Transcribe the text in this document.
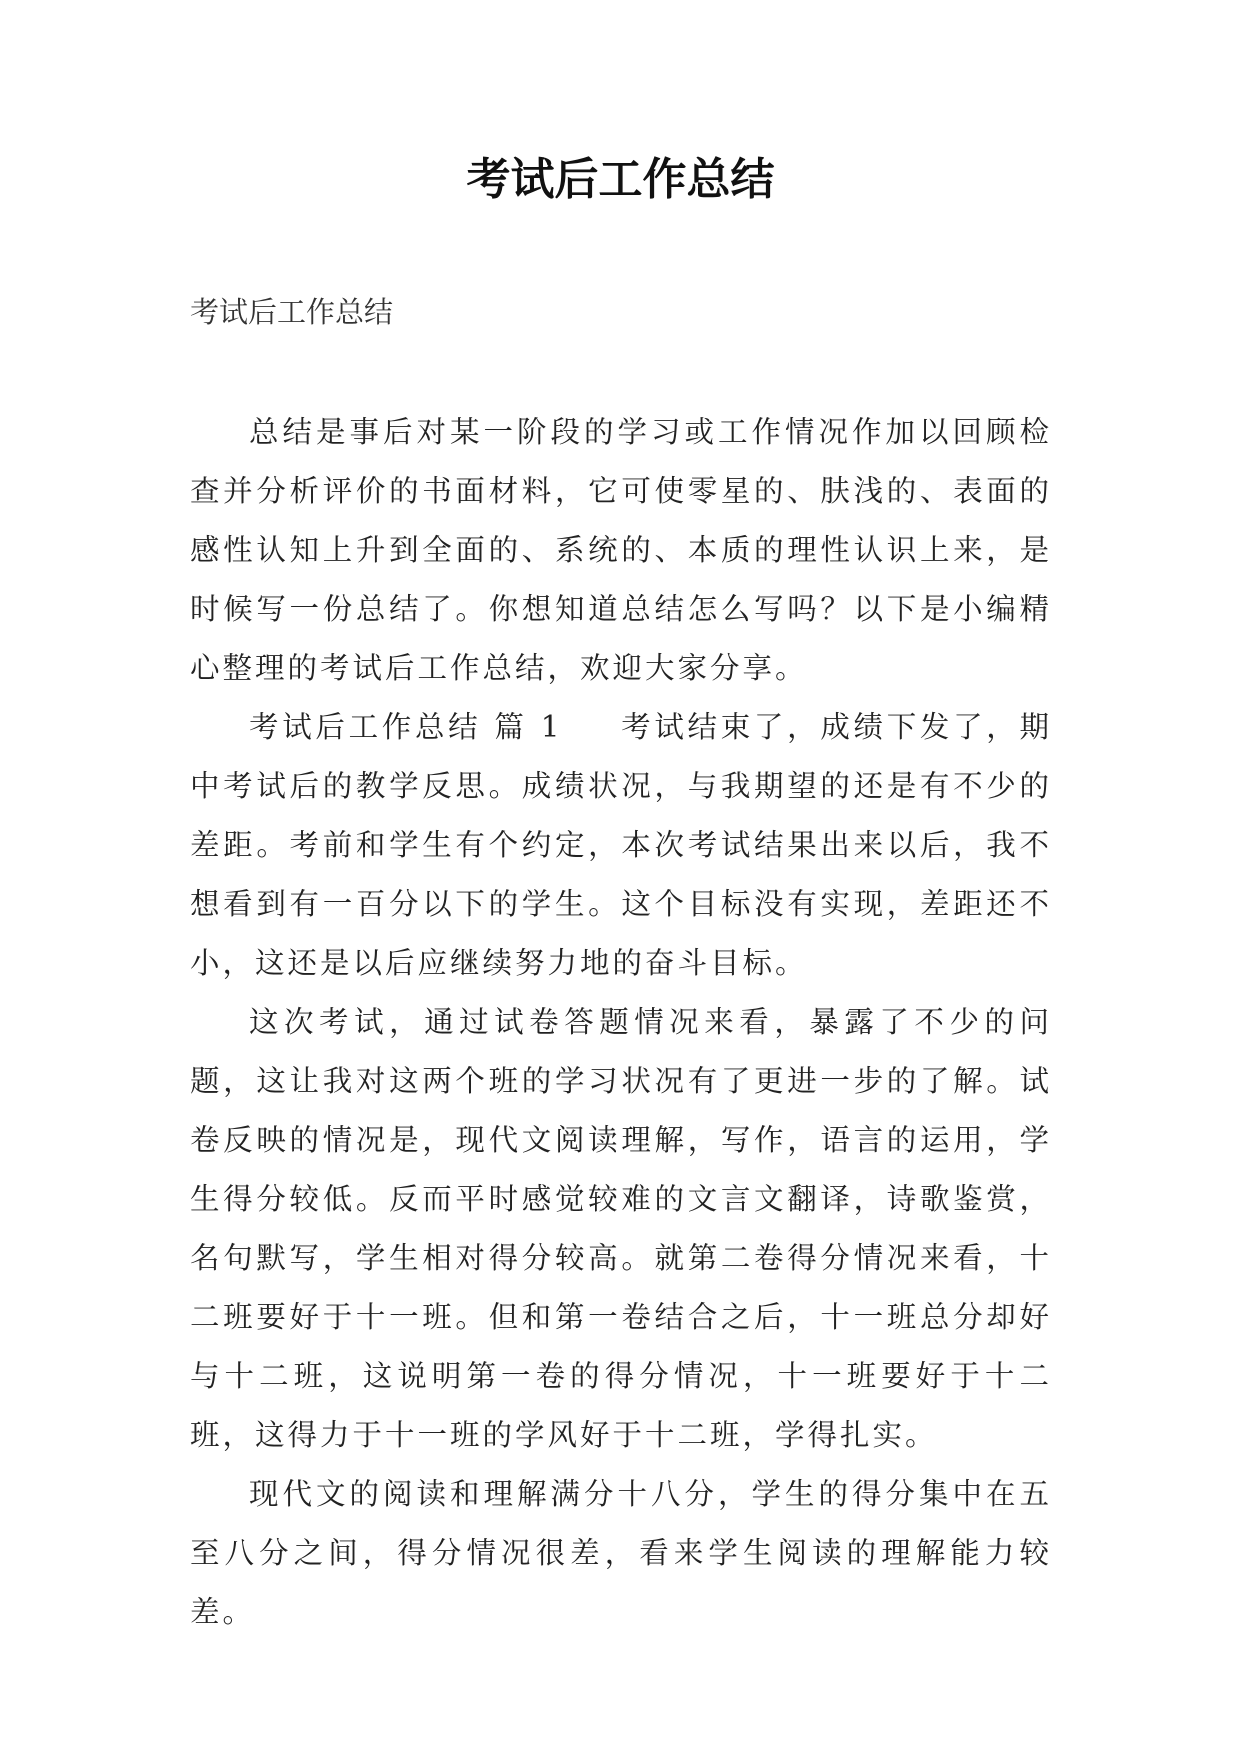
考试后工作总结

考试后工作总结

总结是事后对某一阶段的学习或工作情况作加以回顾检查并分析评价的书面材料，它可使零星的、肤浅的、表面的感性认知上升到全面的、系统的、本质的理性认识上来，是时候写一份总结了。你想知道总结怎么写吗？以下是小编精心整理的考试后工作总结，欢迎大家分享。

考试后工作总结 篇 1 考试结束了，成绩下发了，期中考试后的教学反思。成绩状况，与我期望的还是有不少的差距。考前和学生有个约定，本次考试结果出来以后，我不想看到有一百分以下的学生。这个目标没有实现，差距还不小，这还是以后应继续努力地的奋斗目标。

这次考试，通过试卷答题情况来看，暴露了不少的问题，这让我对这两个班的学习状况有了更进一步的了解。试卷反映的情况是，现代文阅读理解，写作，语言的运用，学生得分较低。反而平时感觉较难的文言文翻译，诗歌鉴赏，名句默写，学生相对得分较高。就第二卷得分情况来看，十二班要好于十一班。但和第一卷结合之后，十一班总分却好与十二班，这说明第一卷的得分情况，十一班要好于十二班，这得力于十一班的学风好于十二班，学得扎实。

现代文的阅读和理解满分十八分，学生的得分集中在五至八分之间，得分情况很差，看来学生阅读的理解能力较差。
